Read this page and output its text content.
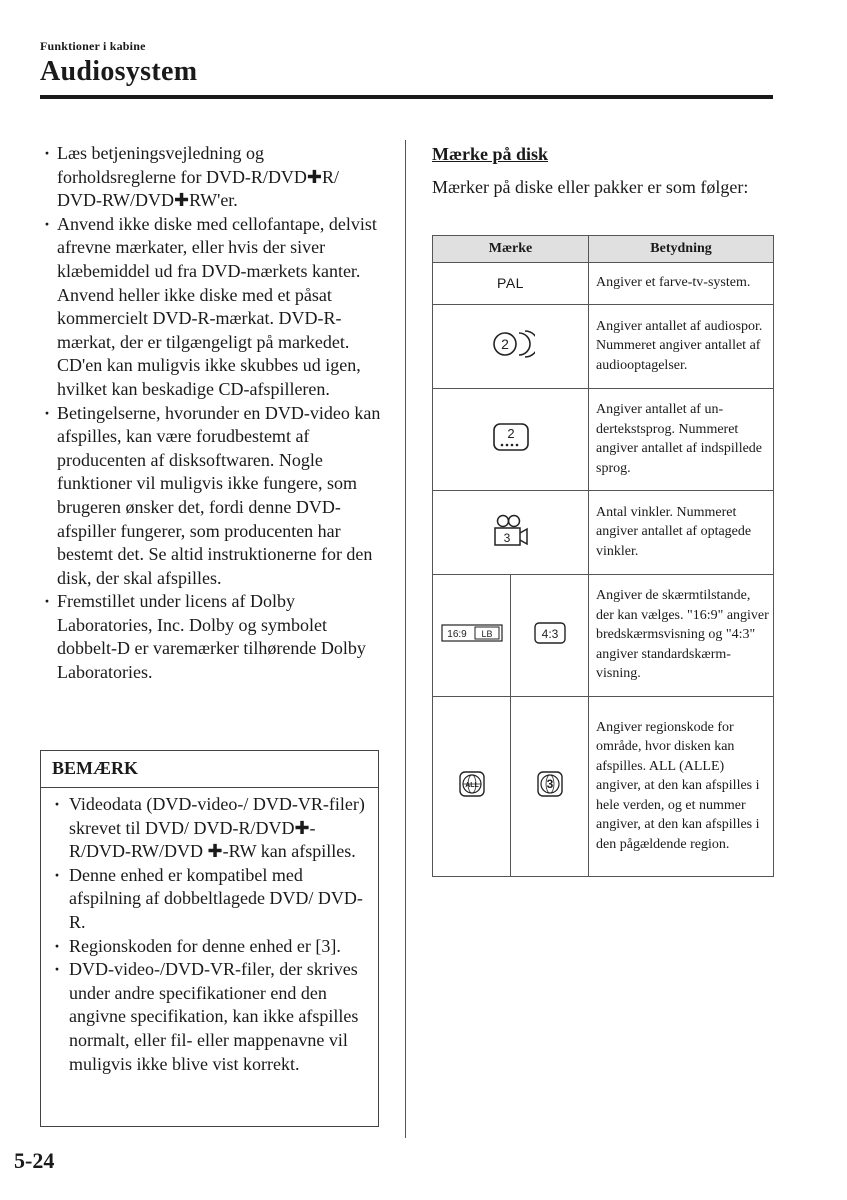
Funktioner i kabine
Audiosystem
· Læs betjeningsvejledning og forholdsreglerne for DVD-R/DVD✚R/ DVD-RW/DVD✚RW'er.
· Anvend ikke diske med cellofantape, delvist afrevne mærkater, eller hvis der siver klæbemiddel ud fra DVD-mærkets kanter. Anvend heller ikke diske med et påsat kommercielt DVD-R-mærkat. DVD-R-mærkat, der er tilgængeligt på markedet. CD'en kan muligvis ikke skubbes ud igen, hvilket kan beskadige CD-afspilleren.
· Betingelserne, hvorunder en DVD-video kan afspilles, kan være forudbestemt af producenten af disksoftwaren. Nogle funktioner vil muligvis ikke fungere, som brugeren ønsker det, fordi denne DVD-afspiller fungerer, som producenten har bestemt det. Se altid instruktionerne for den disk, der skal afspilles.
· Fremstillet under licens af Dolby Laboratories, Inc. Dolby og symbolet dobbelt-D er varemærker tilhørende Dolby Laboratories.
BEMÆRK
· Videodata (DVD-video-/ DVD-VR-filer) skrevet til DVD/ DVD-R/DVD✚-R/DVD-RW/DVD ✚-RW kan afspilles.
· Denne enhed er kompatibel med afspilning af dobbeltlagede DVD/ DVD-R.
· Regionskoden for denne enhed er [3].
· DVD-video-/DVD-VR-filer, der skrives under andre specifikationer end den angivne specifikation, kan ikke afspilles normalt, eller fil- eller mappenavne vil muligvis ikke blive vist korrekt.
Mærke på disk
Mærker på diske eller pakker er som følger:
Mærke		Betydning
PAL		Angiver et farve-tv-system.

2		Angiver antallet af audiospor. Nummeret angiver antallet af audiooptagelser.

2		Angiver antallet af undertekstsprog. Nummeret angiver antallet af indspillede sprog.

3		Antal vinkler. Nummeret angiver antallet af optagede vinkler.

16:9 LB	4:3	Angiver de skærmtilstande, der kan vælges. "16:9" angiver bredskærmsvisning og "4:3" angiver standardskærmvisning.

ALL	3	Angiver regionskode for område, hvor disken kan afspilles. ALL (ALLE) angiver, at den kan afspilles i hele verden, og et nummer angiver, at den kan afspilles i den pågældende region.
5-24
